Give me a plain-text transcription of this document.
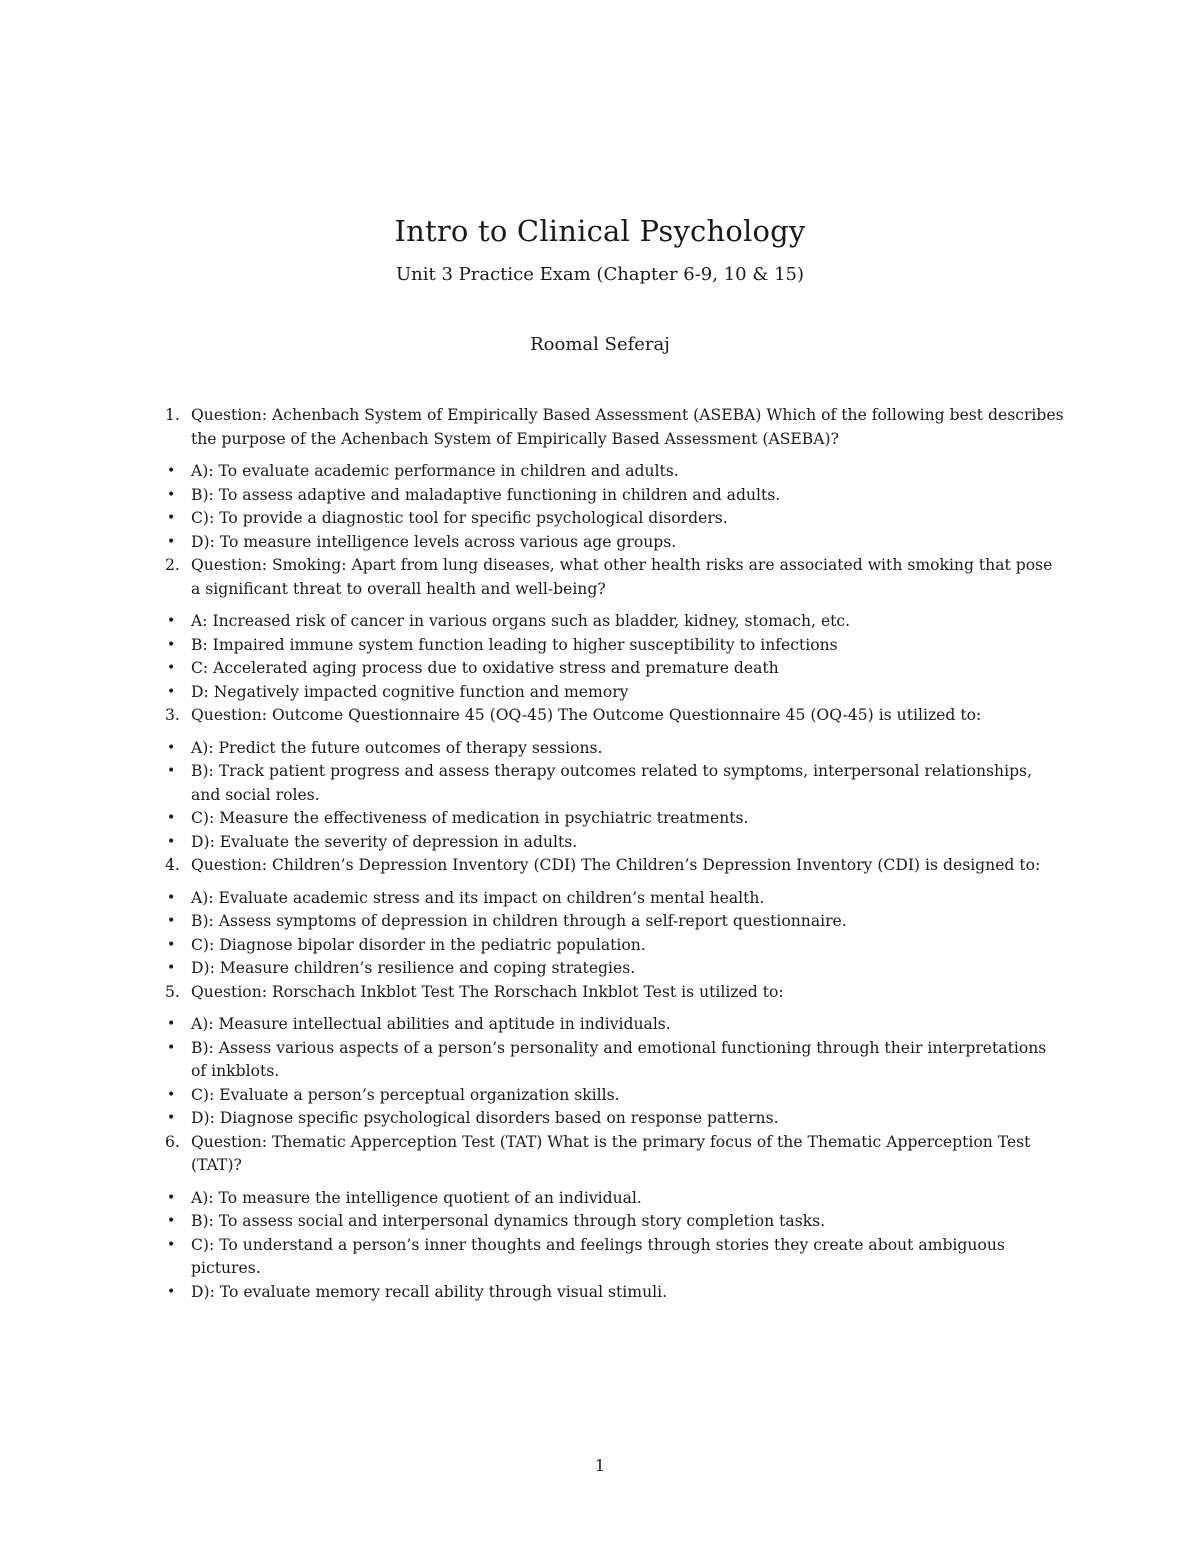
Intro to Clinical Psychology
Unit 3 Practice Exam (Chapter 6-9, 10 & 15)
Roomal Seferaj
1. Question: Achenbach System of Empirically Based Assessment (ASEBA) Which of the following best describes the purpose of the Achenbach System of Empirically Based Assessment (ASEBA)?
• A): To evaluate academic performance in children and adults.
• B): To assess adaptive and maladaptive functioning in children and adults.
• C): To provide a diagnostic tool for specific psychological disorders.
• D): To measure intelligence levels across various age groups.
2. Question: Smoking: Apart from lung diseases, what other health risks are associated with smoking that pose a significant threat to overall health and well-being?
• A: Increased risk of cancer in various organs such as bladder, kidney, stomach, etc.
• B: Impaired immune system function leading to higher susceptibility to infections
• C: Accelerated aging process due to oxidative stress and premature death
• D: Negatively impacted cognitive function and memory
3. Question: Outcome Questionnaire 45 (OQ-45) The Outcome Questionnaire 45 (OQ-45) is utilized to:
• A): Predict the future outcomes of therapy sessions.
• B): Track patient progress and assess therapy outcomes related to symptoms, interpersonal relationships, and social roles.
• C): Measure the effectiveness of medication in psychiatric treatments.
• D): Evaluate the severity of depression in adults.
4. Question: Children’s Depression Inventory (CDI) The Children’s Depression Inventory (CDI) is designed to:
• A): Evaluate academic stress and its impact on children’s mental health.
• B): Assess symptoms of depression in children through a self-report questionnaire.
• C): Diagnose bipolar disorder in the pediatric population.
• D): Measure children’s resilience and coping strategies.
5. Question: Rorschach Inkblot Test The Rorschach Inkblot Test is utilized to:
• A): Measure intellectual abilities and aptitude in individuals.
• B): Assess various aspects of a person’s personality and emotional functioning through their interpretations of inkblots.
• C): Evaluate a person’s perceptual organization skills.
• D): Diagnose specific psychological disorders based on response patterns.
6. Question: Thematic Apperception Test (TAT) What is the primary focus of the Thematic Apperception Test (TAT)?
• A): To measure the intelligence quotient of an individual.
• B): To assess social and interpersonal dynamics through story completion tasks.
• C): To understand a person’s inner thoughts and feelings through stories they create about ambiguous pictures.
• D): To evaluate memory recall ability through visual stimuli.
1
